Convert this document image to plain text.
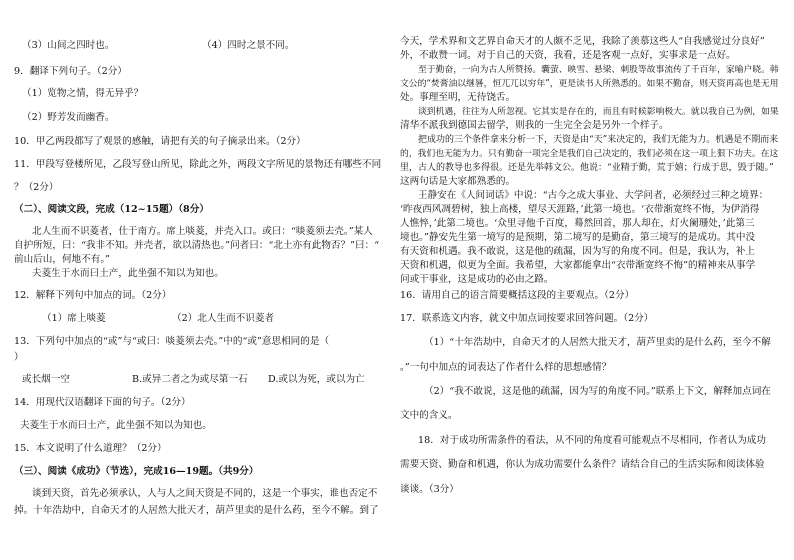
（3）山间之四时也。	（4）四时之景不同。
9．翻译下列句子。（2分）
（1）览物之情，得无异乎？
（2）野芳发而幽香。
10．甲乙两段都写了观景的感触，请把有关的句子摘录出来。（2分）
11．甲段写登楼所见，乙段写登山所见，除此之外，两段文字所见的景物还有哪些不同
？（2分）
（二）、阅读文段，完成（12~15题）（8分）
北人生而不识菱者，仕于南方。席上啖菱，并壳入口。或曰：“啖菱须去壳。”某人
自护所短，曰：“我非不知。并壳者，欲以清热也。”问者曰：“北土亦有此物否？”曰：“
前山后山，何地不有。”
夫菱生于水而曰土产，此坐强不知以为知也。
12．解释下列句中加点的词。（2分）
（1）席上啖菱	（2）北人生而不识菱者
13．下列句中加点的“或”与“或曰：啖菱须去壳。”中的“或”意思相同的是（
）
或长烟一空	B.或异二者之为或尽第一石 D.或以为死，或以为亡
14．用现代汉语翻译下面的句子。（2分）
夫菱生于水而曰土产，此坐强不知以为知也。
15．本文说明了什么道理？（2分）
（三）、阅读《成功》（节选），完成16—19题。（共9分）
谈到天资，首先必须承认，人与人之间天资是不同的，这是一个事实，谁也否定不
掉。十年浩劫中，自命天才的人居然大批天才，葫芦里卖的是什么药，至今不解。到了
今天，学术界和文艺界自命天才的人颇不乏见，我除了羡慕这些人“自我感觉过分良好”
外，不敢赞一词。对于自己的天资，我看，还是客观一点好，实事求是一点好。
至于勤奋，一向为古人所赞扬。囊萤、映雪、悬梁、刺股等故事流传了千百年，家喻户晓。韩
文公的“焚膏油以继晷，恒兀兀以穷年”，更是读书人所熟悉的。如果不勤奋，则天资再高也是无用
处。事理至明，无待饶舌。
谈到机遇，往往为人所忽视。它其实是存在的，而且有时候影响极大。就以我自己为例，如果
清华不派我到德国去留学，则我的一生完全会是另外一个样子。
把成功的三个条件拿来分析一下，天资是由“天”来决定的，我们无能为力。机遇是不期而来
的，我们也无能为力。只有勤奋一项完全是我们自己决定的，我们必须在这一项上狠下功夫。在这
里，古人的教导也多得很。还是先举韩文公。他说：“业精于勤，荒于嬉；行成于思，毁于随。”
这两句话是大家都熟悉的。
王静安在《人间词话》中说：“古今之成大事业、大学问者，必须经过三种之境界：
‘昨夜西风凋碧树，独上高楼，望尽天涯路，’此第一境也。‘衣带渐宽终不悔，为伊消得
人憔悴，’此第二境也。‘众里寻他千百度，蓦然回首，那人却在，灯火阑珊处，’此第三
境也。”静安先生第一境写的是预期，第二境写的是勤奋，第三境写的是成功。其中没
有天资和机遇。我不敢说，这是他的疏漏，因为写的角度不同。但是，我认为，补上
天资和机遇，似更为全面。我希望，大家都能拿出“衣带渐宽终不悔”的精神来从事学
问或干事业，这是成功的必由之路。
16．请用自己的语言简要概括这段的主要观点。（2分）
17．联系选文内容，就文中加点词按要求回答问题。（2分）
（1）“十年浩劫中，自命天才的人居然大批天才，葫芦里卖的是什么药，至今不解
。”一句中加点的词表达了作者什么样的思想感情？
（2）“我不敢说，这是他的疏漏，因为写的角度不同。”联系上下文，解释加点词在
文中的含义。
18．对于成功所需条件的看法，从不同的角度看可能观点不尽相同，作者认为成功
需要天资、勤奋和机遇，你认为成功需要什么条件？请结合自己的生活实际和阅读体验
谈谈。（3分）
